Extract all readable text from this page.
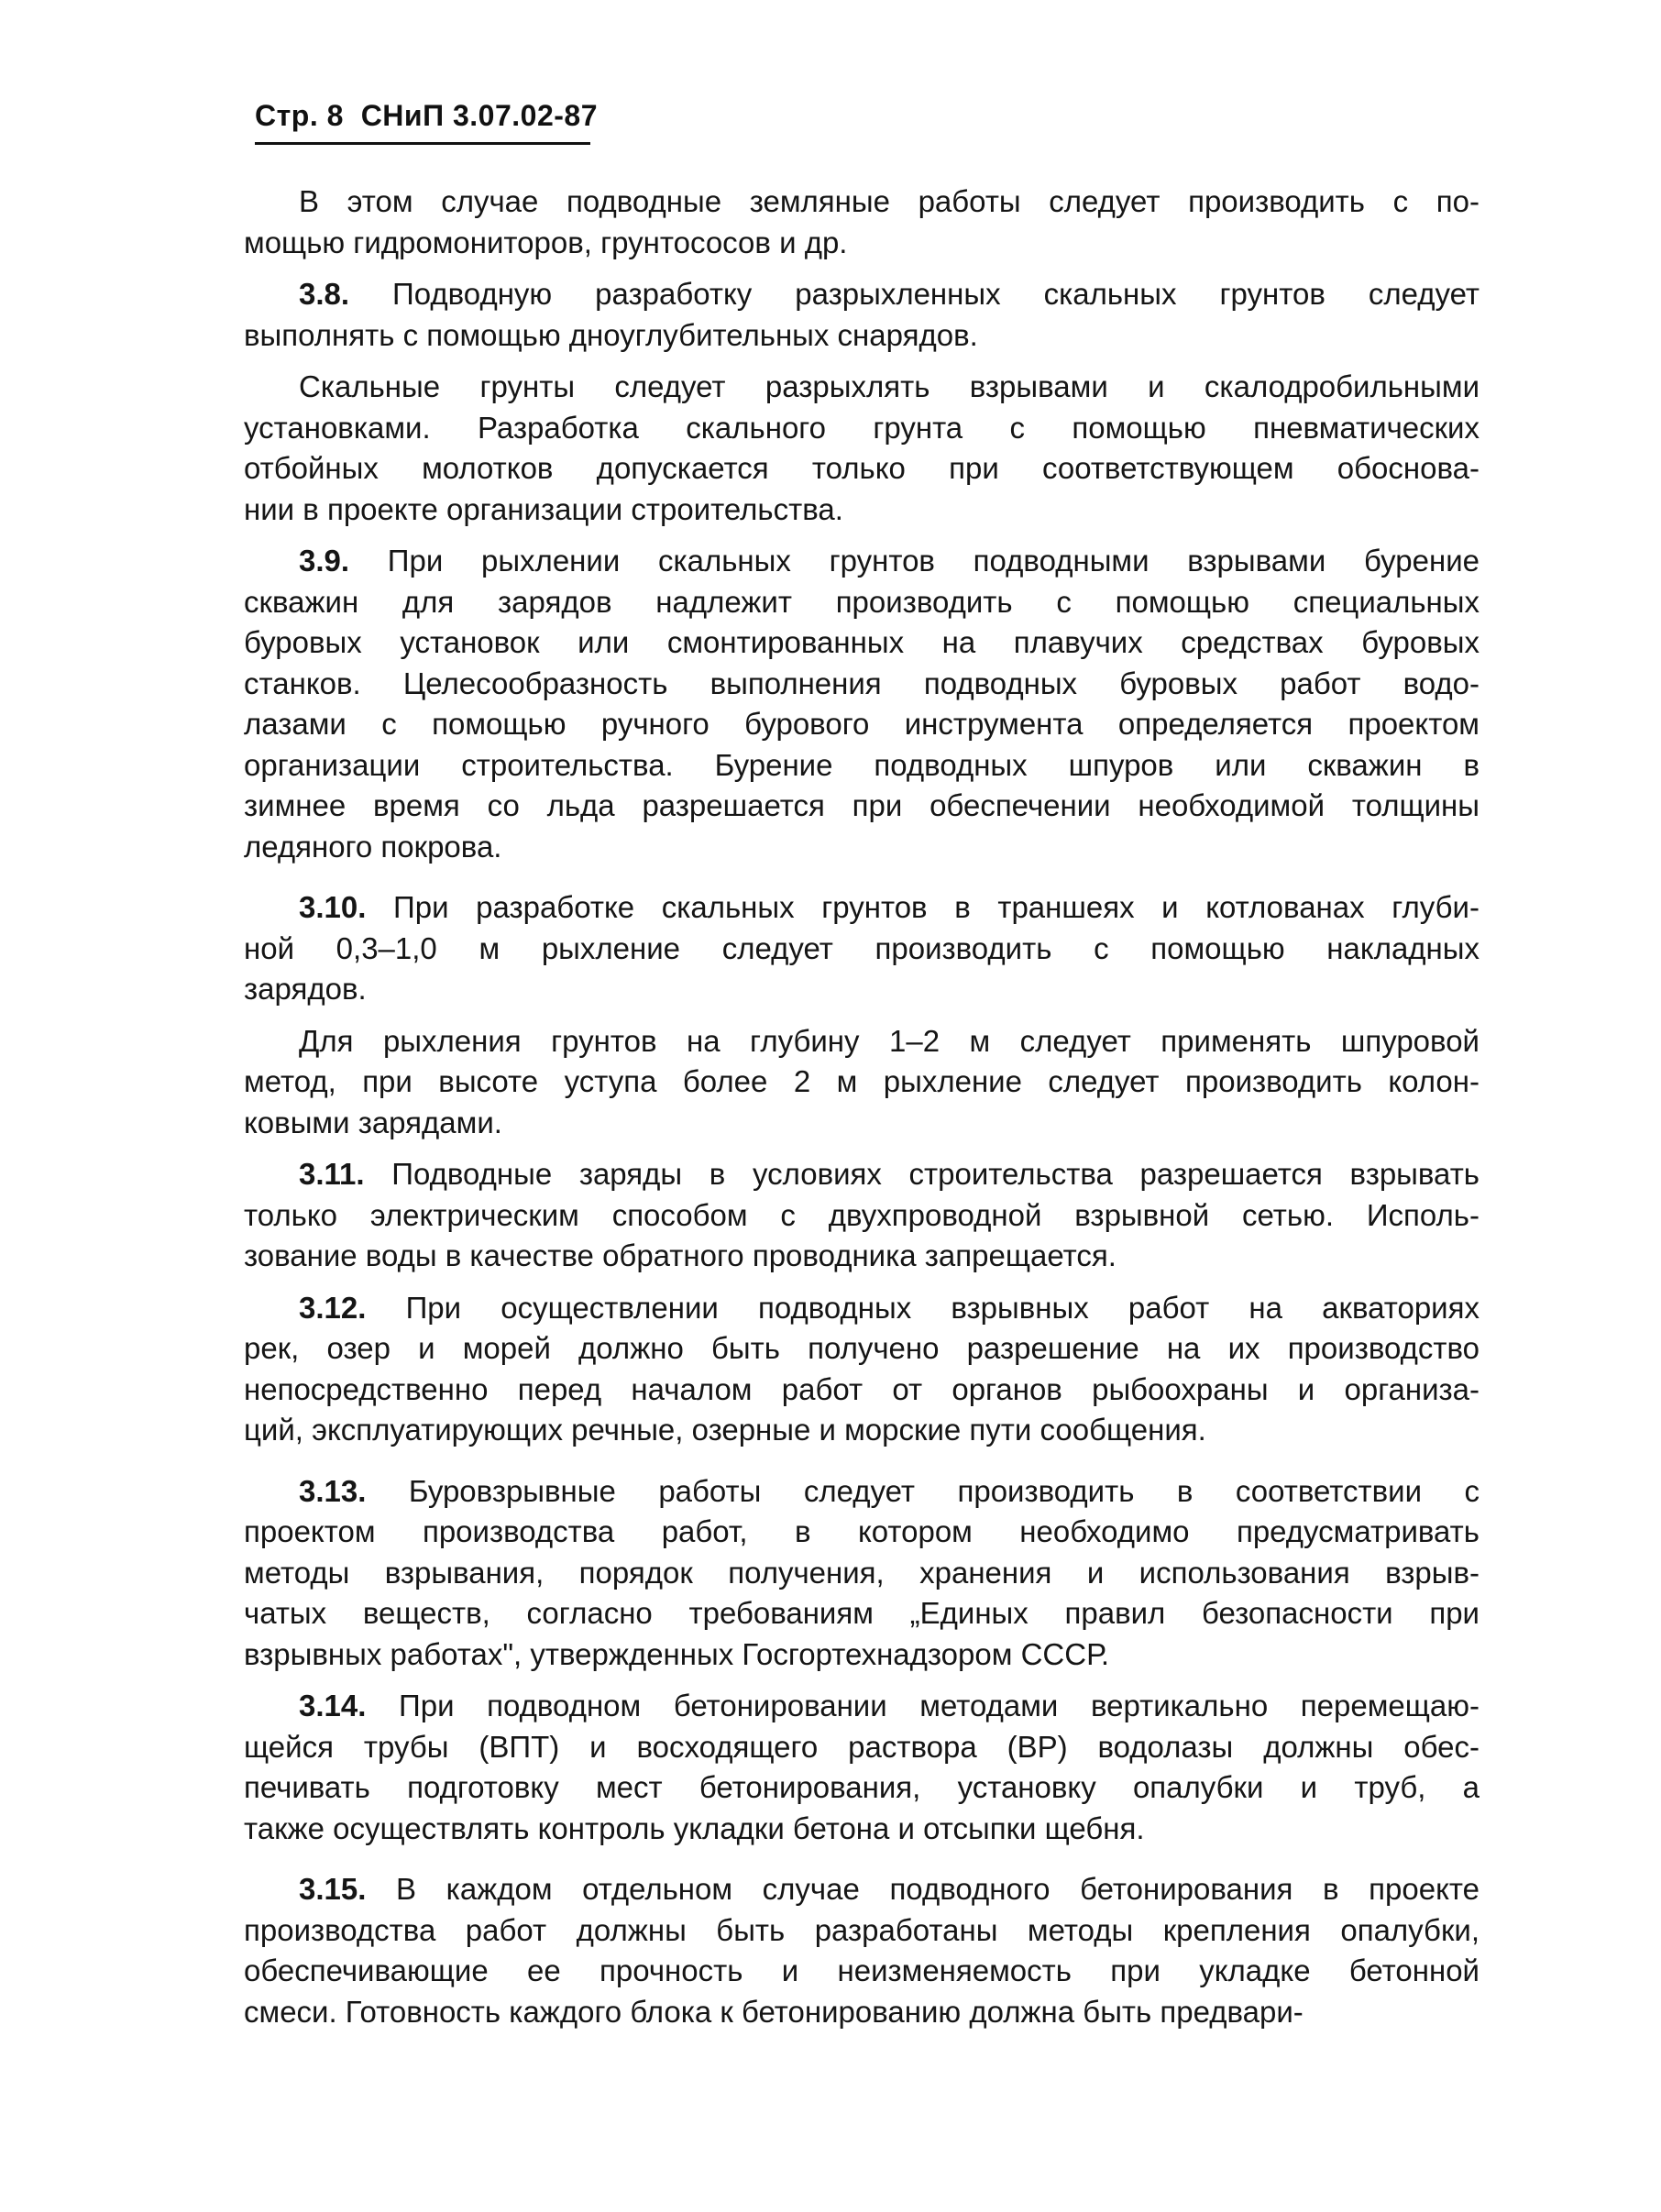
Стр. 8 СНиП 3.07.02-87
В этом случае подводные земляные работы следует производить с по-
мощью гидромониторов, грунтососов и др.
3.8. Подводную разработку разрыхленных скальных грунтов следует
выполнять с помощью дноуглубительных снарядов.
Скальные грунты следует разрыхлять взрывами и скалодробильными
установками. Разработка скального грунта с помощью пневматических
отбойных молотков допускается только при соответствующем обоснова-
нии в проекте организации строительства.
3.9. При рыхлении скальных грунтов подводными взрывами бурение
скважин для зарядов надлежит производить с помощью специальных
буровых установок или смонтированных на плавучих средствах буровых
станков. Целесообразность выполнения подводных буровых работ водо-
лазами с помощью ручного бурового инструмента определяется проектом
организации строительства. Бурение подводных шпуров или скважин в
зимнее время со льда разрешается при обеспечении необходимой толщины
ледяного покрова.
3.10. При разработке скальных грунтов в траншеях и котлованах глуби-
ной 0,3–1,0 м рыхление следует производить с помощью накладных
зарядов.
Для рыхления грунтов на глубину 1–2 м следует применять шпуровой
метод, при высоте уступа более 2 м рыхление следует производить колон-
ковыми зарядами.
3.11. Подводные заряды в условиях строительства разрешается взрывать
только электрическим способом с двухпроводной взрывной сетью. Исполь-
зование воды в качестве обратного проводника запрещается.
3.12. При осуществлении подводных взрывных работ на акваториях
рек, озер и морей должно быть получено разрешение на их производство
непосредственно перед началом работ от органов рыбоохраны и организа-
ций, эксплуатирующих речные, озерные и морские пути сообщения.
3.13. Буровзрывные работы следует производить в соответствии с
проектом производства работ, в котором необходимо предусматривать
методы взрывания, порядок получения, хранения и использования взрыв-
чатых веществ, согласно требованиям „Единых правил безопасности при
взрывных работах", утвержденных Госгортехнадзором СССР.
3.14. При подводном бетонировании методами вертикально перемещаю-
щейся трубы (ВПТ) и восходящего раствора (ВР) водолазы должны обес-
печивать подготовку мест бетонирования, установку опалубки и труб, а
также осуществлять контроль укладки бетона и отсыпки щебня.
3.15. В каждом отдельном случае подводного бетонирования в проекте
производства работ должны быть разработаны методы крепления опалубки,
обеспечивающие ее прочность и неизменяемость при укладке бетонной
смеси. Готовность каждого блока к бетонированию должна быть предвари-
